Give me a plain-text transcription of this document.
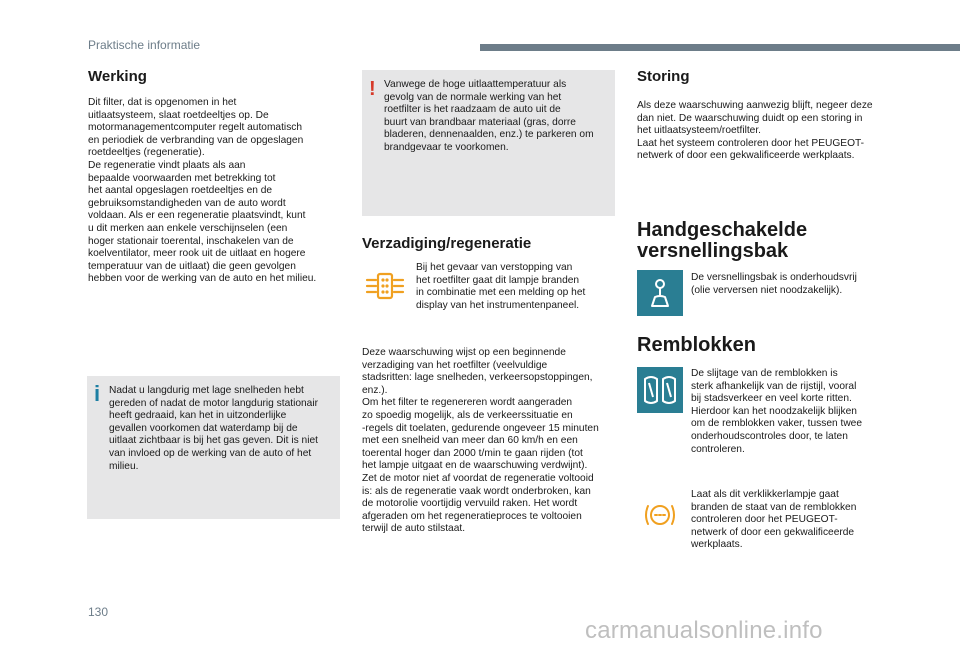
Praktische informatie
Werking
Dit filter, dat is opgenomen in het
uitlaatsysteem, slaat roetdeeltjes op. De
motormanagementcomputer regelt automatisch
en periodiek de verbranding van de opgeslagen
roetdeeltjes (regeneratie).
De regeneratie vindt plaats als aan
bepaalde voorwaarden met betrekking tot
het aantal opgeslagen roetdeeltjes en de
gebruiksomstandigheden van de auto wordt
voldaan. Als er een regeneratie plaatsvindt, kunt
u dit merken aan enkele verschijnselen (een
hoger stationair toerental, inschakelen van de
koelventilator, meer rook uit de uitlaat en hogere
temperatuur van de uitlaat) die geen gevolgen
hebben voor de werking van de auto en het milieu.
i Nadat u langdurig met lage snelheden hebt
gereden of nadat de motor langdurig stationair
heeft gedraaid, kan het in uitzonderlijke
gevallen voorkomen dat waterdamp bij de
uitlaat zichtbaar is bij het gas geven. Dit is niet
van invloed op de werking van de auto of het
milieu.
! Vanwege de hoge uitlaattemperatuur als
gevolg van de normale werking van het
roetfilter is het raadzaam de auto uit de
buurt van brandbaar materiaal (gras, dorre
bladeren, dennenaalden, enz.) te parkeren om
brandgevaar te voorkomen.
Verzadiging/regeneratie
Bij het gevaar van verstopping van
het roetfilter gaat dit lampje branden
in combinatie met een melding op het
display van het instrumentenpaneel.
Deze waarschuwing wijst op een beginnende
verzadiging van het roetfilter (veelvuldige
stadsritten: lage snelheden, verkeersopstoppingen,
enz.).
Om het filter te regenereren wordt aangeraden
zo spoedig mogelijk, als de verkeerssituatie en
-regels dit toelaten, gedurende ongeveer 15 minuten
met een snelheid van meer dan 60 km/h en een
toerental hoger dan 2000 t/min te gaan rijden (tot
het lampje uitgaat en de waarschuwing verdwijnt).
Zet de motor niet af voordat de regeneratie voltooid
is: als de regeneratie vaak wordt onderbroken, kan
de motorolie voortijdig vervuild raken. Het wordt
afgeraden om het regeneratieproces te voltooien
terwijl de auto stilstaat.
Storing
Als deze waarschuwing aanwezig blijft, negeer deze
dan niet. De waarschuwing duidt op een storing in
het uitlaatsysteem/roetfilter.
Laat het systeem controleren door het PEUGEOT-
netwerk of door een gekwalificeerde werkplaats.
Handgeschakelde
versnellingsbak
De versnellingsbak is onderhoudsvrij
(olie verversen niet noodzakelijk).
Remblokken
De slijtage van de remblokken is
sterk afhankelijk van de rijstijl, vooral
bij stadsverkeer en veel korte ritten.
Hierdoor kan het noodzakelijk blijken
om de remblokken vaker, tussen twee
onderhoudscontroles door, te laten
controleren.
Laat als dit verklikkerlampje gaat
branden de staat van de remblokken
controleren door het PEUGEOT-
netwerk of door een gekwalificeerde
werkplaats.
130
carmanualsonline.info
